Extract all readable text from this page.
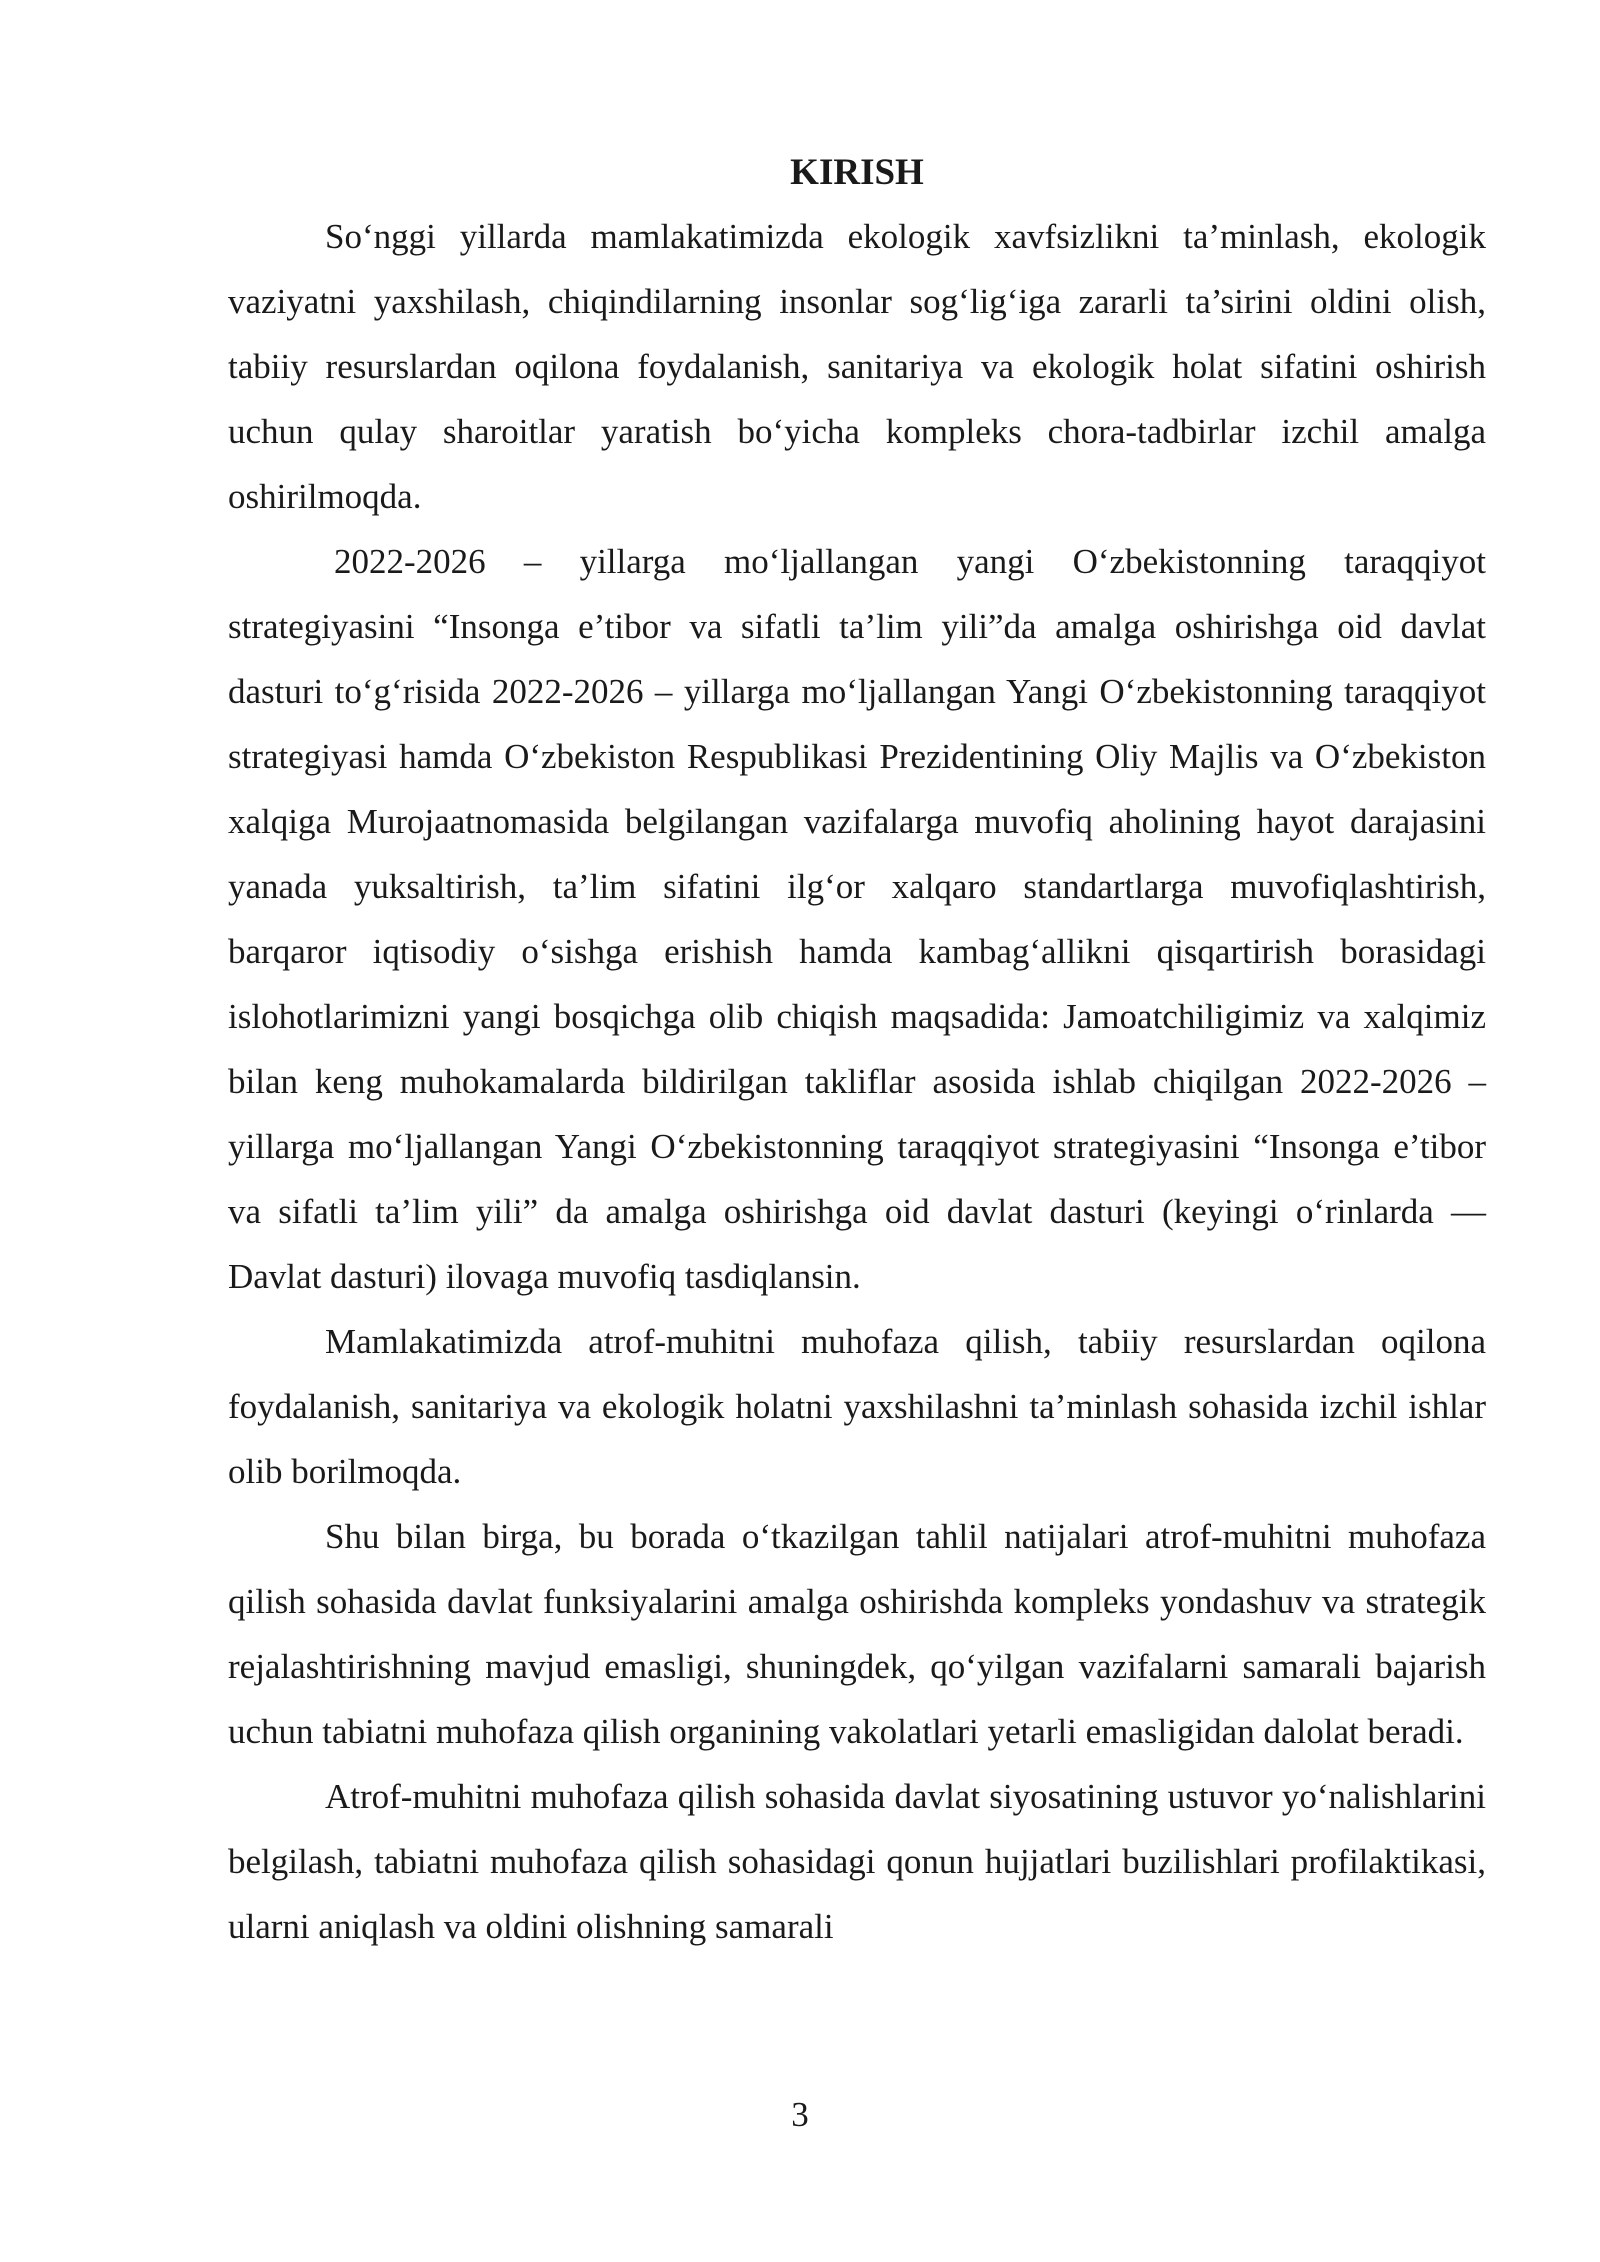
KIRISH

So‘nggi yillarda mamlakatimizda ekologik xavfsizlikni ta’minlash, ekologik vaziyatni yaxshilash, chiqindilarning insonlar sog‘lig‘iga zararli ta’sirini oldini olish, tabiiy resurslardan oqilona foydalanish, sanitariya va ekologik holat sifatini oshirish uchun qulay sharoitlar yaratish bo‘yicha kompleks chora-tadbirlar izchil amalga oshirilmoqda.

2022-2026 – yillarga mo‘ljallangan yangi O‘zbekistonning taraqqiyot strategiyasini “Insonga e’tibor va sifatli ta’lim yili”da amalga oshirishga oid davlat dasturi to‘g‘risida 2022-2026 – yillarga mo‘ljallangan Yangi O‘zbekistonning taraqqiyot strategiyasi hamda O‘zbekiston Respublikasi Prezidentining Oliy Majlis va O‘zbekiston xalqiga Murojaatnomasida belgilangan vazifalarga muvofiq aholining hayot darajasini yanada yuksaltirish, ta’lim sifatini ilg‘or xalqaro standartlarga muvofiqlashtirish, barqaror iqtisodiy o‘sishga erishish hamda kambag‘allikni qisqartirish borasidagi islohotlarimizni yangi bosqichga olib chiqish maqsadida: Jamoatchiligimiz va xalqimiz bilan keng muhokamalarda bildirilgan takliflar asosida ishlab chiqilgan 2022-2026 – yillarga mo‘ljallangan Yangi O‘zbekistonning taraqqiyot strategiyasini “Insonga e’tibor va sifatli ta’lim yili” da amalga oshirishga oid davlat dasturi (keyingi o‘rinlarda — Davlat dasturi) ilovaga muvofiq tasdiqlansin.

Mamlakatimizda atrof-muhitni muhofaza qilish, tabiiy resurslardan oqilona foydalanish, sanitariya va ekologik holatni yaxshilashni ta’minlash sohasida izchil ishlar olib borilmoqda.

Shu bilan birga, bu borada o‘tkazilgan tahlil natijalari atrof-muhitni muhofaza qilish sohasida davlat funksiyalarini amalga oshirishda kompleks yondashuv va strategik rejalashtirishning mavjud emasligi, shuningdek, qo‘yilgan vazifalarni samarali bajarish uchun tabiatni muhofaza qilish organining vakolatlari yetarli emasligidan dalolat beradi.

Atrof-muhitni muhofaza qilish sohasida davlat siyosatining ustuvor yo‘nalishlarini belgilash, tabiatni muhofaza qilish sohasidagi qonun hujjatlari buzilishlari profilaktikasi, ularni aniqlash va oldini olishning samarali

3
